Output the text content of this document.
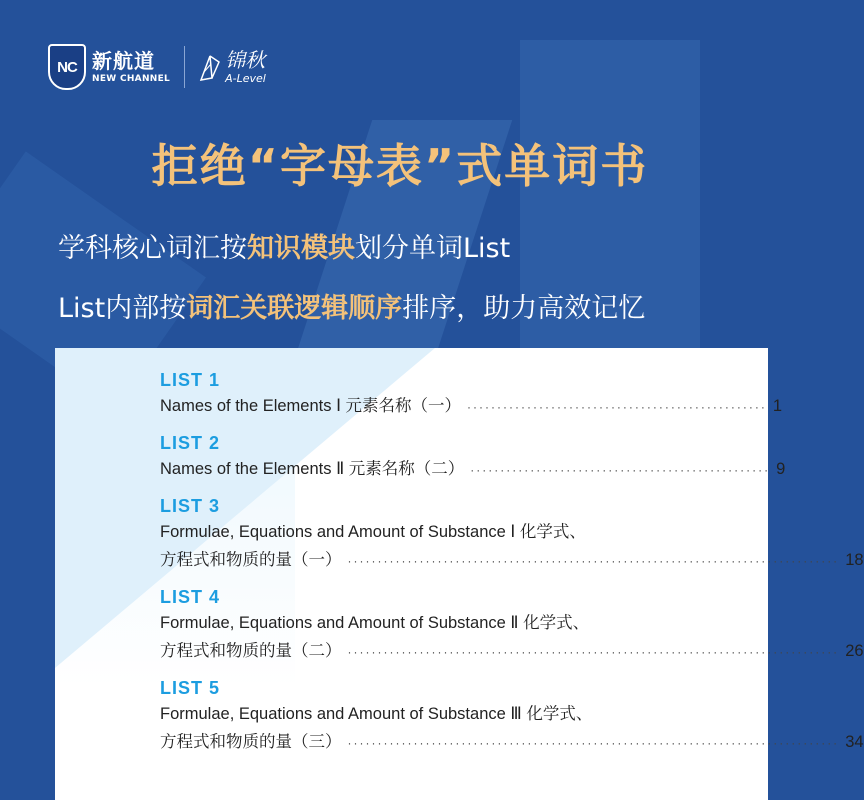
NC 新航道
NEW CHANNEL
锦秋
A-Level
拒绝“字母表”式单词书
学科核心词汇按知识模块划分单词List
List内部按词汇关联逻辑顺序排序，助力高效记忆
LIST 1
Names of the Elements Ⅰ 元素名称（一） ·················································· 1
LIST 2
Names of the Elements Ⅱ 元素名称（二） ·················································· 9
LIST 3
Formulae, Equations and Amount of Substance Ⅰ 化学式、
方程式和物质的量（一） ·················································································· 18
LIST 4
Formulae, Equations and Amount of Substance Ⅱ 化学式、
方程式和物质的量（二） ·················································································· 26
LIST 5
Formulae, Equations and Amount of Substance Ⅲ 化学式、
方程式和物质的量（三） ·················································································· 34
